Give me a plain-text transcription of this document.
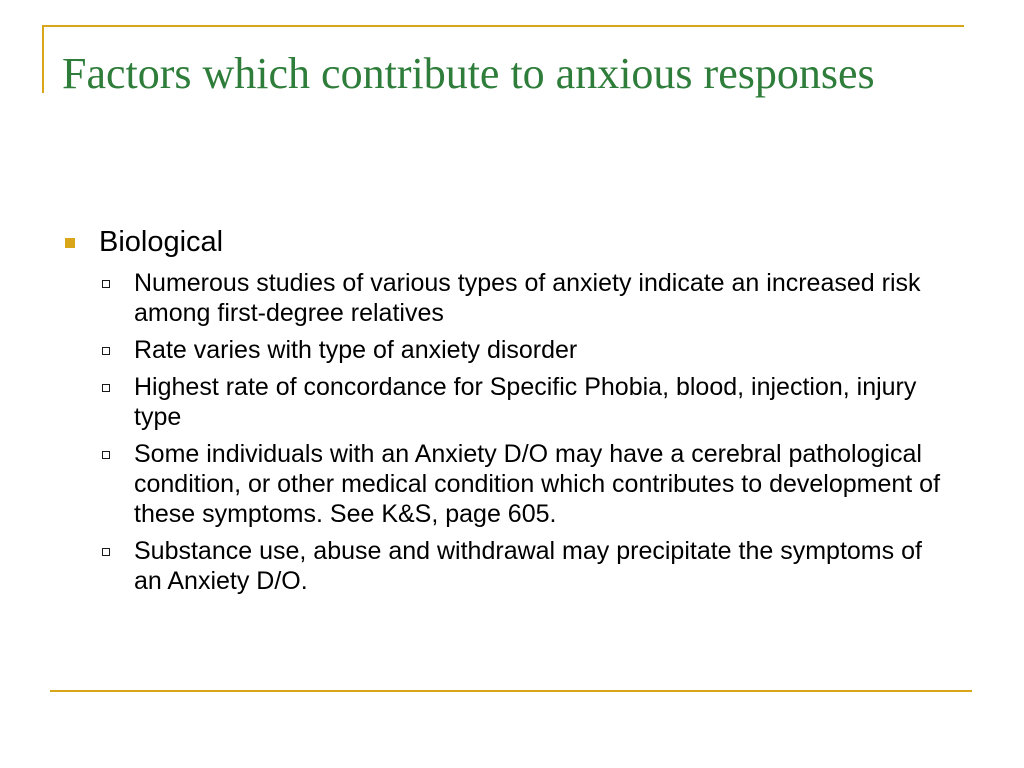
Factors which contribute to anxious responses
Biological
Numerous studies of various types of anxiety indicate an increased risk among first-degree relatives
Rate varies with type of anxiety disorder
Highest rate of concordance for Specific Phobia, blood, injection, injury type
Some individuals with an Anxiety D/O may have a cerebral pathological condition, or other medical condition which contributes to development of these symptoms. See K&S, page 605.
Substance use, abuse and withdrawal may precipitate the symptoms of an Anxiety D/O.
